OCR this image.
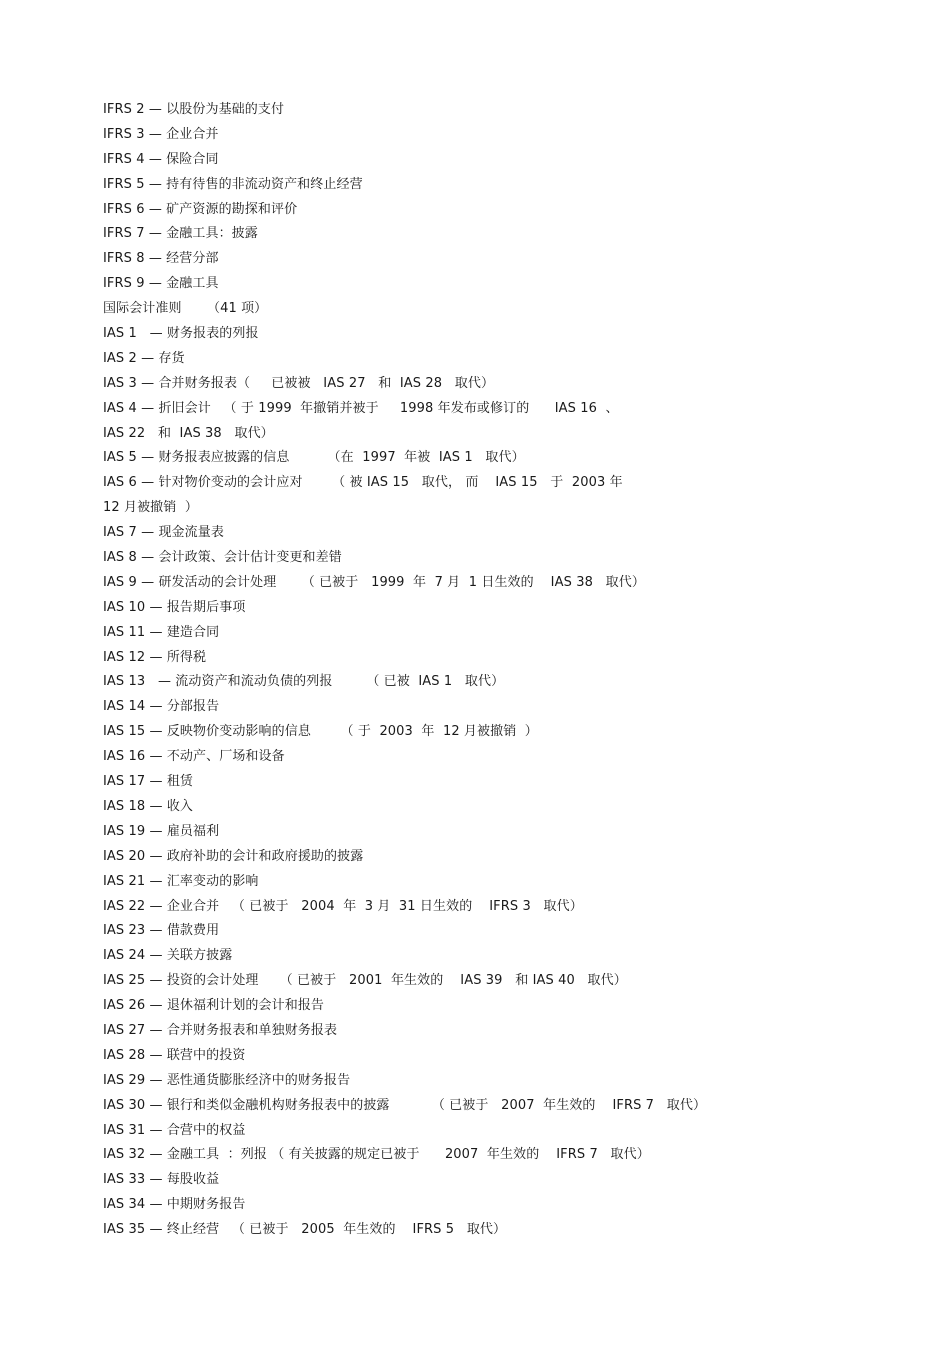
IFRS 2 — 以股份为基础的支付
IFRS 3 — 企业合并
IFRS 4 — 保险合同
IFRS 5 — 持有待售的非流动资产和终止经营
IFRS 6 — 矿产资源的勘探和评价
IFRS 7 — 金融工具：披露
IFRS 8 — 经营分部
IFRS 9 — 金融工具
国际会计准则      （41 项）
IAS 1   — 财务报表的列报
IAS 2 — 存货
IAS 3 — 合并财务报表（     已被被   IAS 27   和  IAS 28   取代）
IAS 4 — 折旧会计   （ 于 1999  年撤销并被于     1998 年发布或修订的      IAS 16  、
IAS 22   和  IAS 38   取代）
IAS 5 — 财务报表应披露的信息         （在  1997  年被  IAS 1   取代）
IAS 6 — 针对物价变动的会计应对       （ 被 IAS 15   取代， 而    IAS 15   于  2003 年
12 月被撤销  ）
IAS 7 — 现金流量表
IAS 8 — 会计政策、会计估计变更和差错
IAS 9 — 研发活动的会计处理      （ 已被于   1999  年  7 月  1 日生效的    IAS 38   取代）
IAS 10 — 报告期后事项
IAS 11 — 建造合同
IAS 12 — 所得税
IAS 13   — 流动资产和流动负债的列报        （ 已被  IAS 1   取代）
IAS 14 — 分部报告
IAS 15 — 反映物价变动影响的信息       （ 于  2003  年  12 月被撤销  ）
IAS 16 — 不动产、厂场和设备
IAS 17 — 租赁
IAS 18 — 收入
IAS 19 — 雇员福利
IAS 20 — 政府补助的会计和政府援助的披露
IAS 21 — 汇率变动的影响
IAS 22 — 企业合并   （ 已被于   2004  年  3 月  31 日生效的    IFRS 3   取代）
IAS 23 — 借款费用
IAS 24 — 关联方披露
IAS 25 — 投资的会计处理     （ 已被于   2001  年生效的    IAS 39   和 IAS 40   取代）
IAS 26 — 退休福利计划的会计和报告
IAS 27 — 合并财务报表和单独财务报表
IAS 28 — 联营中的投资
IAS 29 — 恶性通货膨胀经济中的财务报告
IAS 30 — 银行和类似金融机构财务报表中的披露          （ 已被于   2007  年生效的    IFRS 7   取代）
IAS 31 — 合营中的权益
IAS 32 — 金融工具  ：列报 （ 有关披露的规定已被于      2007  年生效的    IFRS 7   取代）
IAS 33 — 每股收益
IAS 34 — 中期财务报告
IAS 35 — 终止经营   （ 已被于   2005  年生效的    IFRS 5   取代）
